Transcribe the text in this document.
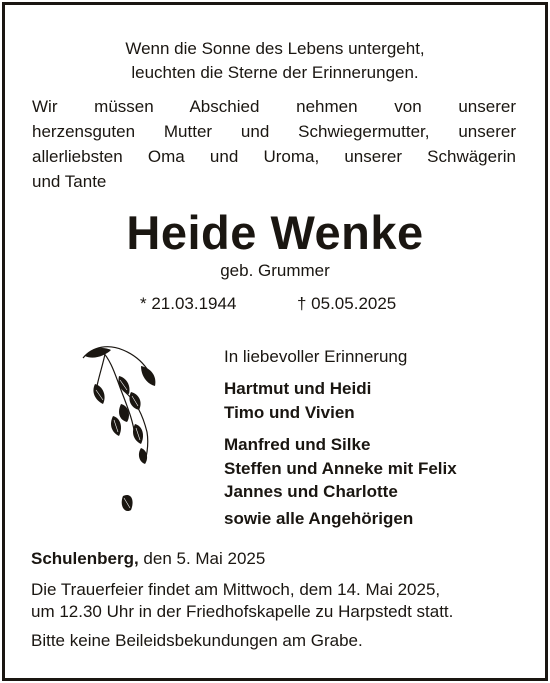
Wenn die Sonne des Lebens untergeht,
leuchten die Sterne der Erinnerungen.
Wir müssen Abschied nehmen von unserer
herzensguten Mutter und Schwiegermutter, unserer
allerliebsten Oma und Uroma, unserer Schwägerin
und Tante
Heide Wenke
geb. Grummer
* 21.03.1944	† 05.05.2025
In liebevoller Erinnerung
Hartmut und Heidi
Timo und Vivien
Manfred und Silke
Steffen und Anneke mit Felix
Jannes und Charlotte
sowie alle Angehörigen
Schulenberg, den 5. Mai 2025
Die Trauerfeier findet am Mittwoch, dem 14. Mai 2025,
um 12.30 Uhr in der Friedhofskapelle zu Harpstedt statt.
Bitte keine Beileidsbekundungen am Grabe.
